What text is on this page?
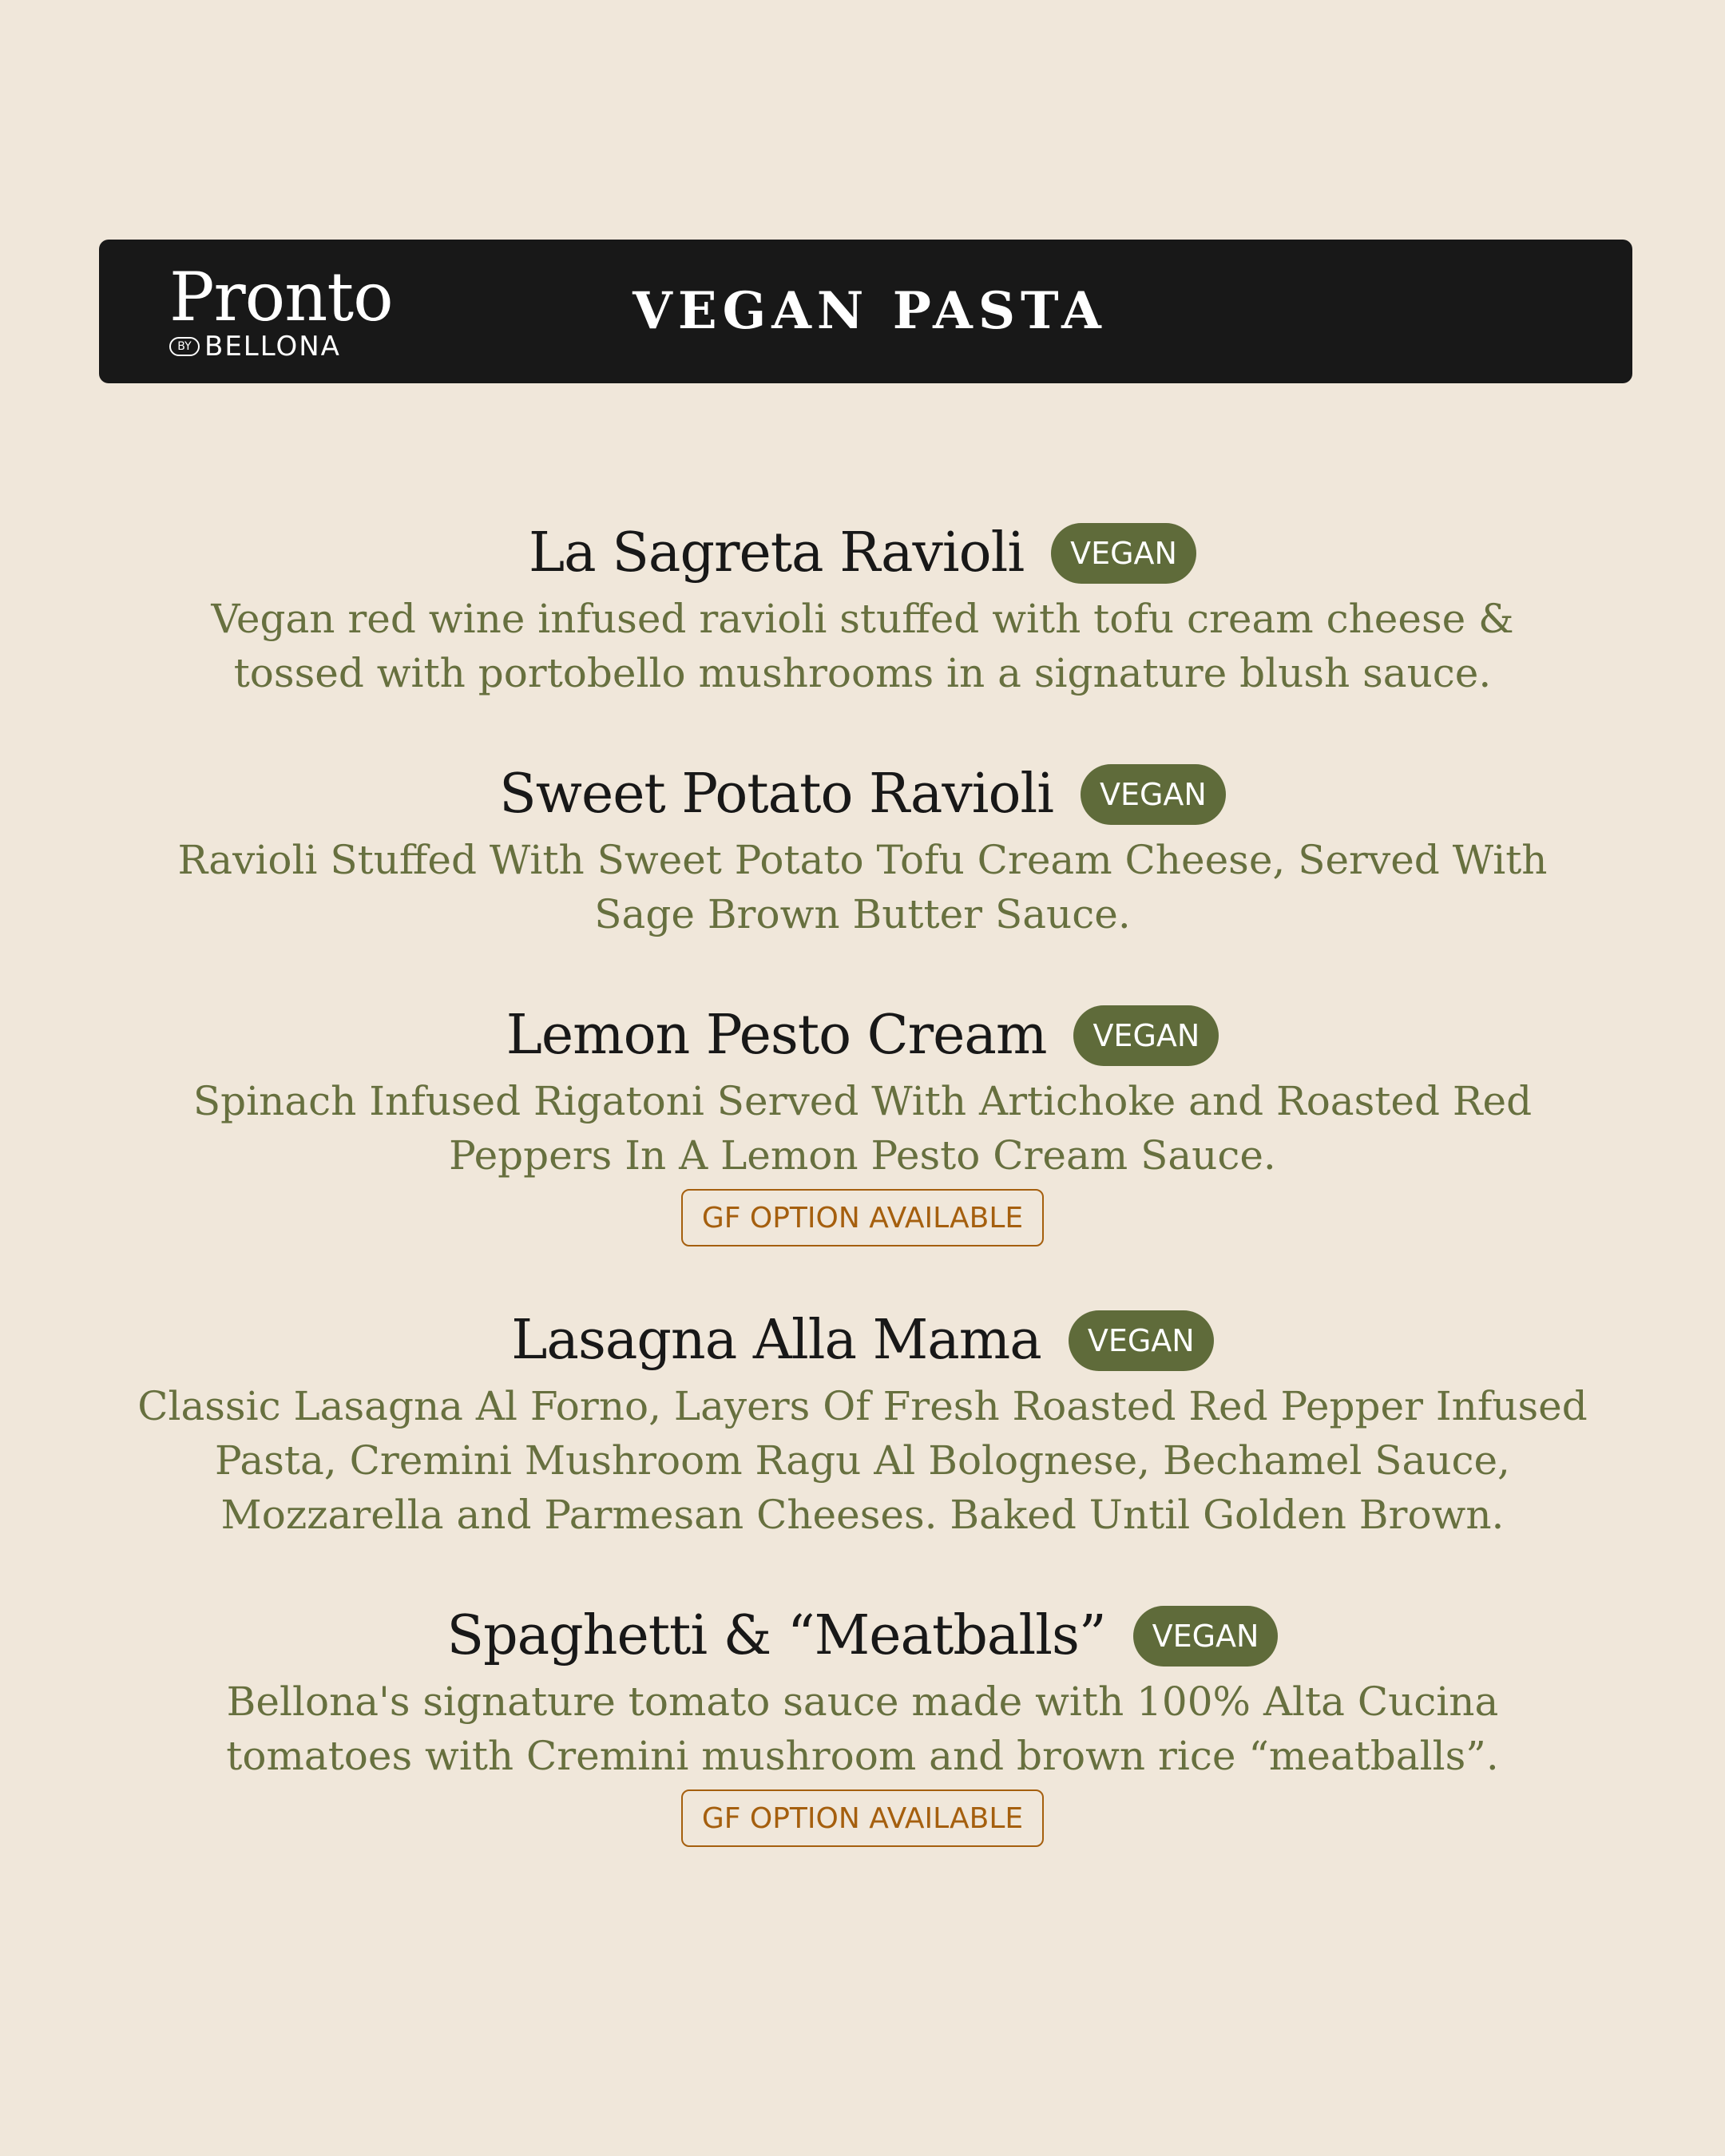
Pronto
BY BELLONA
VEGAN PASTA
La Sagreta Ravioli	VEGAN
Vegan red wine infused ravioli stuffed with tofu cream cheese &
tossed with portobello mushrooms in a signature blush sauce.
Sweet Potato Ravioli	VEGAN
Ravioli Stuffed With Sweet Potato Tofu Cream Cheese, Served With
Sage Brown Butter Sauce.
Lemon Pesto Cream	VEGAN
Spinach Infused Rigatoni Served With Artichoke and Roasted Red
Peppers In A Lemon Pesto Cream Sauce.
GF OPTION AVAILABLE
Lasagna Alla Mama	VEGAN
Classic Lasagna Al Forno, Layers Of Fresh Roasted Red Pepper Infused
Pasta, Cremini Mushroom Ragu Al Bolognese, Bechamel Sauce,
Mozzarella and Parmesan Cheeses. Baked Until Golden Brown.
Spaghetti & “Meatballs”	VEGAN
Bellona's signature tomato sauce made with 100% Alta Cucina
tomatoes with Cremini mushroom and brown rice “meatballs”.
GF OPTION AVAILABLE
